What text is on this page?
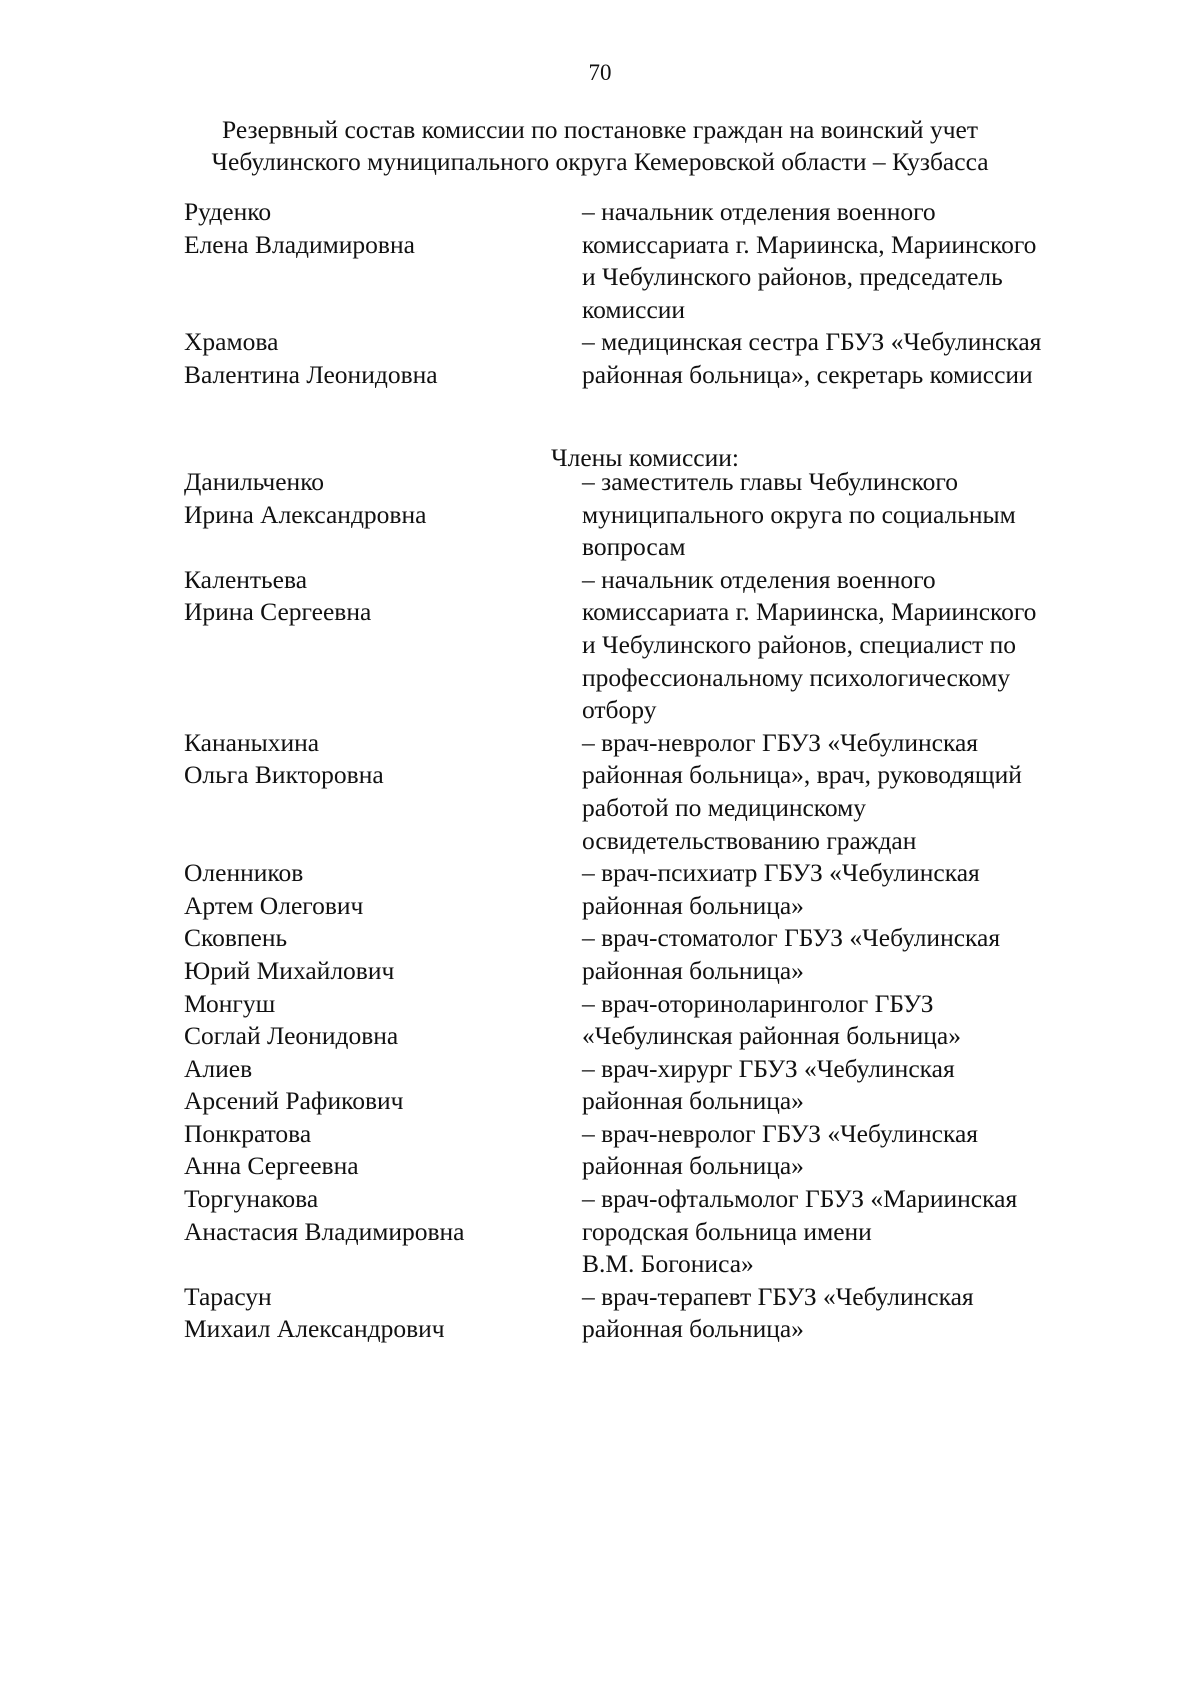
70
Резервный состав комиссии по постановке граждан на воинский учет
Чебулинского муниципального округа Кемеровской области – Кузбасса
Руденко
Елена Владимировна
– начальник отделения военного
комиссариата г. Мариинска, Мариинского
и Чебулинского районов, председатель
комиссии
Храмова
Валентина Леонидовна
– медицинская сестра ГБУЗ «Чебулинская
районная больница», секретарь комиссии
Члены комиссии:
Данильченко
Ирина Александровна
– заместитель главы Чебулинского
муниципального округа по социальным
вопросам
Калентьева
Ирина Сергеевна
– начальник отделения военного
комиссариата г. Мариинска, Мариинского
и Чебулинского районов, специалист по
профессиональному психологическому
отбору
Кананыхина
Ольга Викторовна
– врач-невролог ГБУЗ «Чебулинская
районная больница», врач, руководящий
работой по медицинскому
освидетельствованию граждан
Оленников
Артем Олегович
– врач-психиатр ГБУЗ «Чебулинская
районная больница»
Сковпень
Юрий Михайлович
– врач-стоматолог ГБУЗ «Чебулинская
районная больница»
Монгуш
Соглай Леонидовна
– врач-оториноларинголог ГБУЗ
«Чебулинская районная больница»
Алиев
Арсений Рафикович
– врач-хирург ГБУЗ «Чебулинская
районная больница»
Понкратова
Анна Сергеевна
– врач-невролог ГБУЗ «Чебулинская
районная больница»
Торгунакова
Анастасия Владимировна
– врач-офтальмолог ГБУЗ «Мариинская
городская больница имени
В.М. Богониса»
Тарасун
Михаил Александрович
– врач-терапевт ГБУЗ «Чебулинская
районная больница»
